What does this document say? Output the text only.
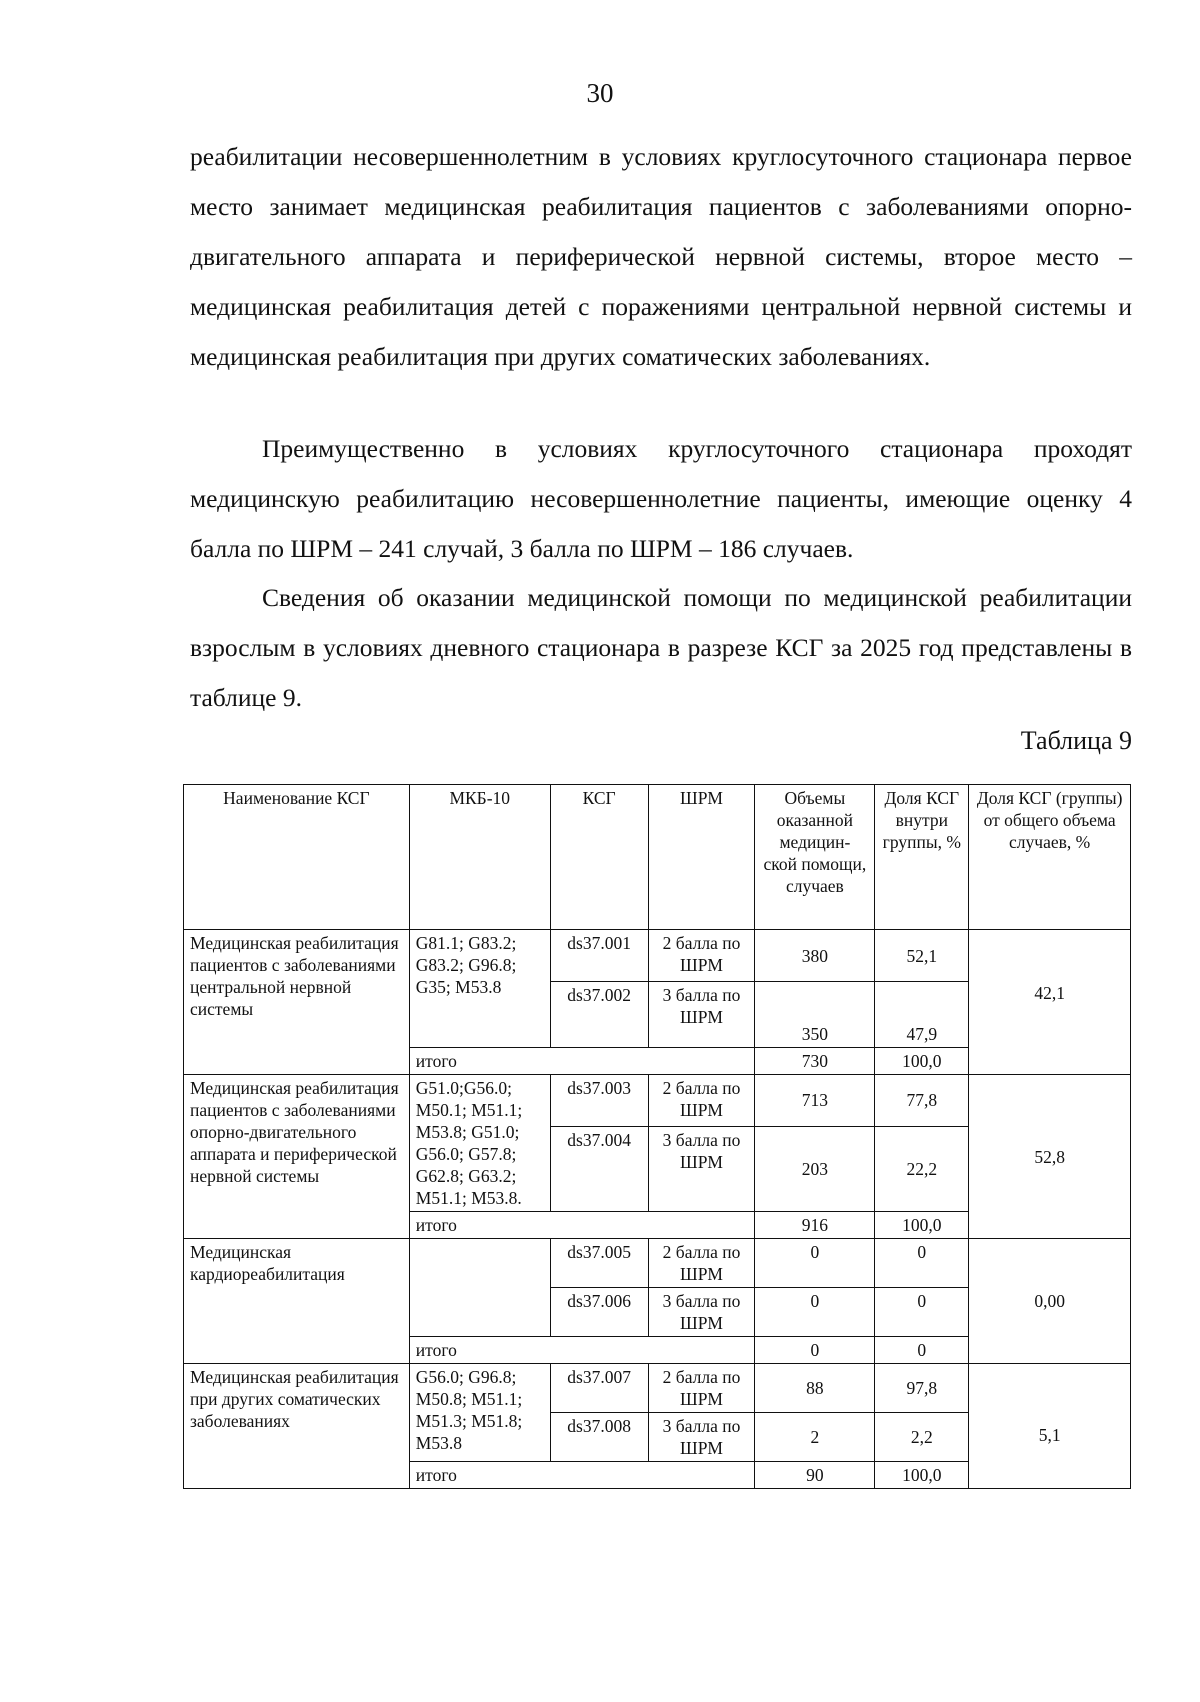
30

реабилитации несовершеннолетним в условиях круглосуточного стационара первое место занимает медицинская реабилитация пациентов с заболеваниями опорно-двигательного аппарата и периферической нервной системы, второе место – медицинская реабилитация детей с поражениями центральной нервной системы и медицинская реабилитация при других соматических заболеваниях.

Преимущественно в условиях круглосуточного стационара проходят медицинскую реабилитацию несовершеннолетние пациенты, имеющие оценку 4 балла по ШРМ – 241 случай, 3 балла по ШРМ – 186 случаев.

Сведения об оказании медицинской помощи по медицинской реабилитации взрослым в условиях дневного стационара в разрезе КСГ за 2025 год представлены в таблице 9.

Таблица 9
Наименование КСГ	МКБ-10	КСГ	ШРМ	Объемы оказанной медицин- ской помощи, случаев	Доля КСГ внутри группы, %	Доля КСГ (группы) от общего объема случаев, %
Медицинская реабилитация пациентов с заболеваниями центральной нервной системы	G81.1; G83.2; G83.2; G96.8; G35; M53.8	ds37.001	2 балла по ШРМ	380	52,1	42,1
		ds37.002	3 балла по ШРМ	350	47,9	
	итого			730	100,0	
Медицинская реабилитация пациентов с заболеваниями опорно-двигательного аппарата и периферической нервной системы	G51.0;G56.0; M50.1; M51.1; M53.8; G51.0; G56.0; G57.8; G62.8; G63.2; M51.1; M53.8.	ds37.003	2 балла по ШРМ	713	77,8	52,8
		ds37.004	3 балла по ШРМ	203	22,2	
	итого			916	100,0	
Медицинская кардиореабилитация		ds37.005	2 балла по ШРМ	0	0	0,00
		ds37.006	3 балла по ШРМ	0	0	
	итого			0	0	
Медицинская реабилитация при других соматических заболеваниях	G56.0; G96.8; M50.8; M51.1; M51.3; M51.8; M53.8	ds37.007	2 балла по ШРМ	88	97,8	5,1
		ds37.008	3 балла по ШРМ	2	2,2	
	итого			90	100,0	
